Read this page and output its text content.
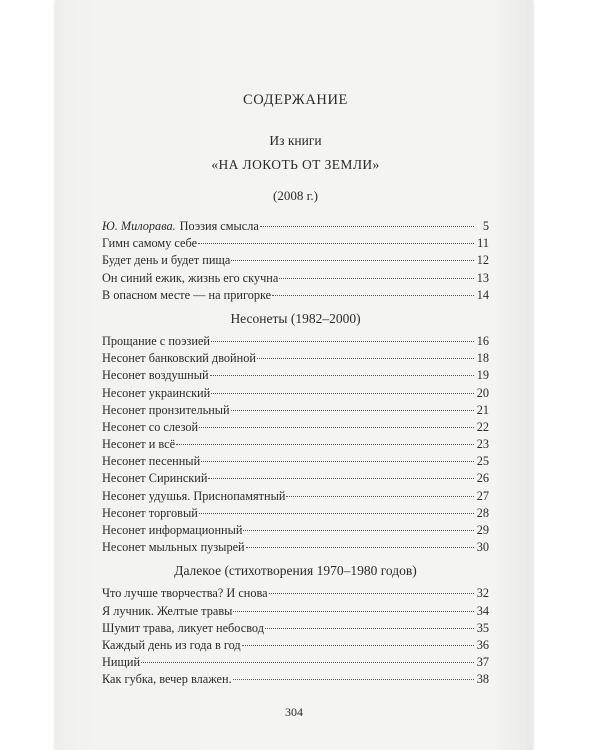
СОДЕРЖАНИЕ
Из книги
«НА ЛОКОТЬ ОТ ЗЕМЛИ»
(2008 г.)
Ю. Милорава. Поэзия смысла	5
Гимн самому себе	11
Будет день и будет пища	12
Он синий ежик, жизнь его скучна	13
В опасном месте — на пригорке	14
Несонеты (1982–2000)
Прощание с поэзией	16
Несонет банковский двойной	18
Несонет воздушный	19
Несонет украинский	20
Несонет пронзительный	21
Несонет со слезой	22
Несонет и всё	23
Несонет песенный	25
Несонет Сиринский	26
Несонет удушья. Приснопамятный	27
Несонет торговый	28
Несонет информационный	29
Несонет мыльных пузырей	30
Далекое (стихотворения 1970–1980 годов)
Что лучше творчества? И снова	32
Я лучник. Желтые травы	34
Шумит трава, ликует небосвод	35
Каждый день из года в год	36
Нищий	37
Как губка, вечер влажен.	38
304
